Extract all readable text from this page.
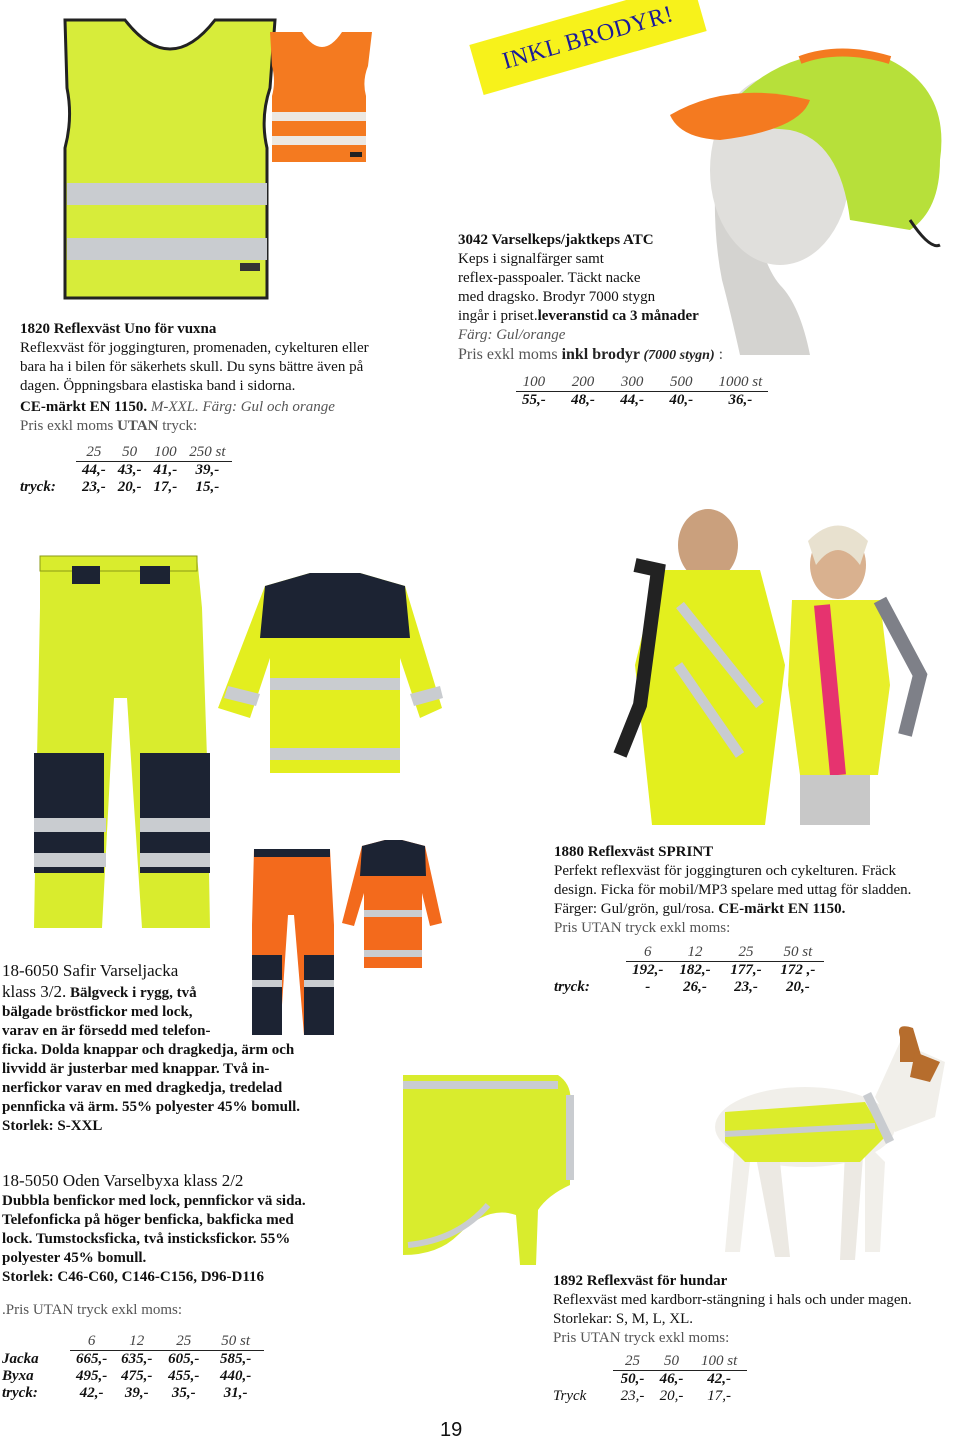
INKL BRODYR!
1820 Reflexväst Uno för vuxna
Reflexväst för joggingturen, promenaden, cykelturen eller
bara ha i bilen för säkerhets skull. Du syns bättre även på
dagen. Öppningsbara elastiska band i sidorna.
CE-märkt EN 1150. M-XXL. Färg: Gul och orange
Pris exkl moms UTAN tryck:
	25	50	100	250 st
	44,-	43,-	41,-	39,-
tryck:	23,-	20,-	17,-	15,-
3042 Varselkeps/jaktkeps ATC
Keps i signalfärger samt
reflex-passpoaler. Täckt nacke
med dragsko. Brodyr 7000 stygn
ingår i priset.leveranstid ca 3 månader
Färg: Gul/orange
Pris exkl moms inkl brodyr (7000 stygn) :
100	200	300	500	1000 st
55,-	48,-	44,-	40,-	36,-
18-6050 Safir Varseljacka
klass 3/2. Bälgveck i rygg, två
bälgade bröstfickor med lock,
varav en är försedd med telefon-
ficka. Dolda knappar och dragkedja, ärm och
livvidd är justerbar med knappar. Två in-
nerfickor varav en med dragkedja, tredelad
pennficka vä ärm. 55% polyester 45% bomull.
Storlek: S-XXL
1880 Reflexväst SPRINT
Perfekt reflexväst för joggingturen och cykelturen. Fräck
design. Ficka för mobil/MP3 spelare med uttag för sladden.
Färger: Gul/grön, gul/rosa. CE-märkt EN 1150.
Pris UTAN tryck exkl moms:
	6	12	25	50 st
	192,-	182,-	177,-	172 ,-
tryck:	-	26,-	23,-	20,-
18-5050 Oden Varselbyxa klass 2/2
Dubbla benfickor med lock, pennfickor vä sida.
Telefonficka på höger benficka, bakficka med
lock. Tumstocksficka, två insticksfickor. 55%
polyester 45% bomull.
Storlek: C46-C60, C146-C156, D96-D116
.Pris UTAN tryck exkl moms:
	6	12	25	50 st
Jacka	665,-	635,-	605,-	585,-
Byxa	495,-	475,-	455,-	440,-
tryck:	42,-	39,-	35,-	31,-
1892 Reflexväst för hundar
Reflexväst med kardborr-stängning i hals och under magen.
Storlekar: S, M, L, XL.
Pris UTAN tryck exkl moms:
	25	50	100 st
	50,-	46,-	42,-
Tryck	23,-	20,-	17,-
19
